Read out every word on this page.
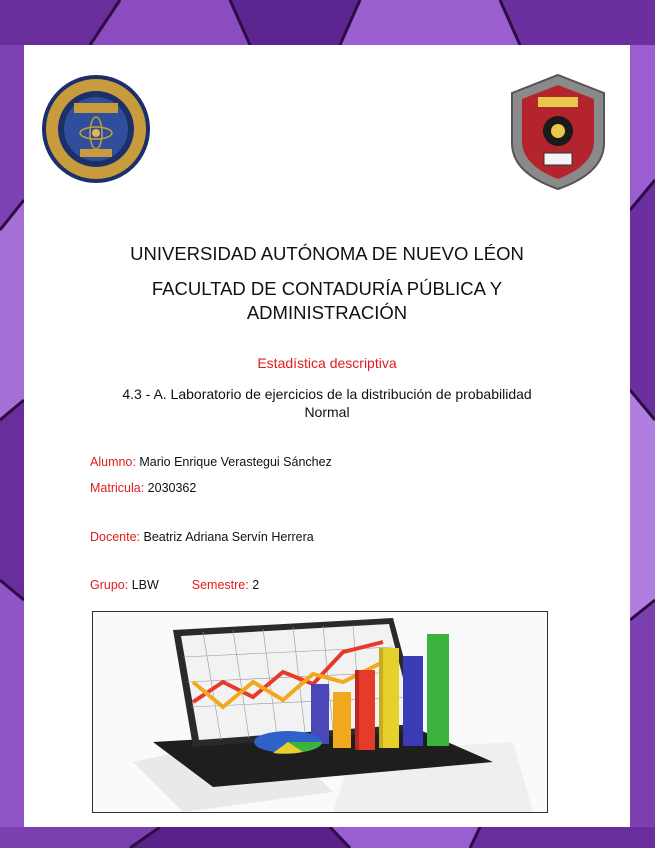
UNIVERSIDAD AUTÓNOMA DE NUEVO LÉON
FACULTAD DE CONTADURÍA PÚBLICA Y
ADMINISTRACIÓN
Estadística descriptiva
4.3 - A. Laboratorio de ejercicios de la distribución de probabilidad
Normal
Alumno: Mario Enrique Verastegui Sánchez
Matricula: 2030362
Docente: Beatriz Adriana Servín Herrera
Grupo: LBW	Semestre: 2
